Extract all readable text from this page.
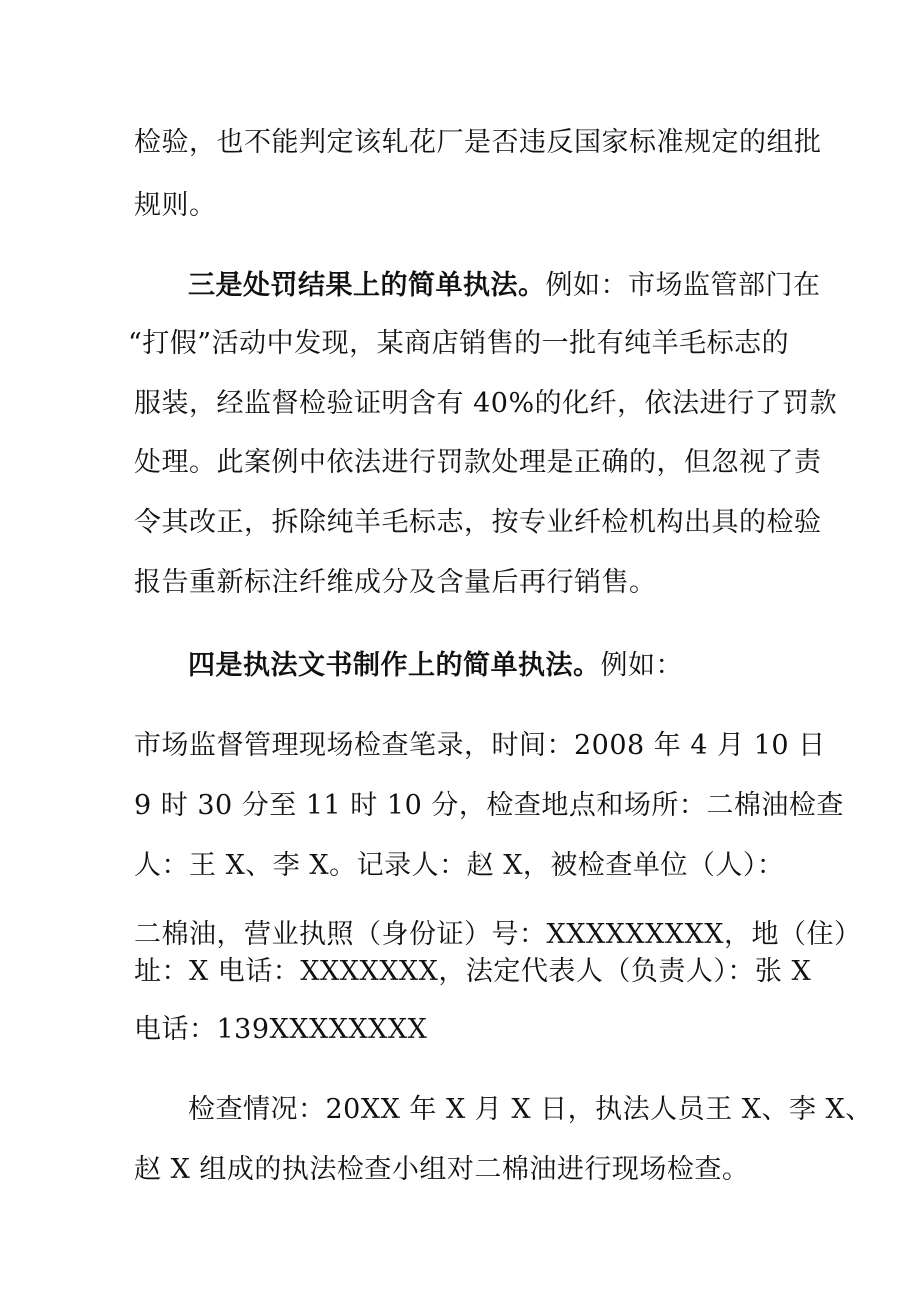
检验，也不能判定该轧花厂是否违反国家标准规定的组批
规则。
三是处罚结果上的简单执法。例如：市场监管部门在
“打假”活动中发现，某商店销售的一批有纯羊毛标志的
服装，经监督检验证明含有 40%的化纤，依法进行了罚款
处理。此案例中依法进行罚款处理是正确的，但忽视了责
令其改正，拆除纯羊毛标志，按专业纤检机构出具的检验
报告重新标注纤维成分及含量后再行销售。
四是执法文书制作上的简单执法。例如：
市场监督管理现场检查笔录，时间：2008 年 4 月 10 日
9 时 30 分至 11 时 10 分，检查地点和场所：二棉油检查
人：王 X、李 X。记录人：赵 X，被检查单位（人）：
二棉油，营业执照（身份证）号：XXXXXXXXX，地（住）
址：X 电话：XXXXXXX，法定代表人（负责人）：张 X
电话：139XXXXXXXX
检查情况：20XX 年 X 月 X 日，执法人员王 X、李 X、
赵 X 组成的执法检查小组对二棉油进行现场检查。
